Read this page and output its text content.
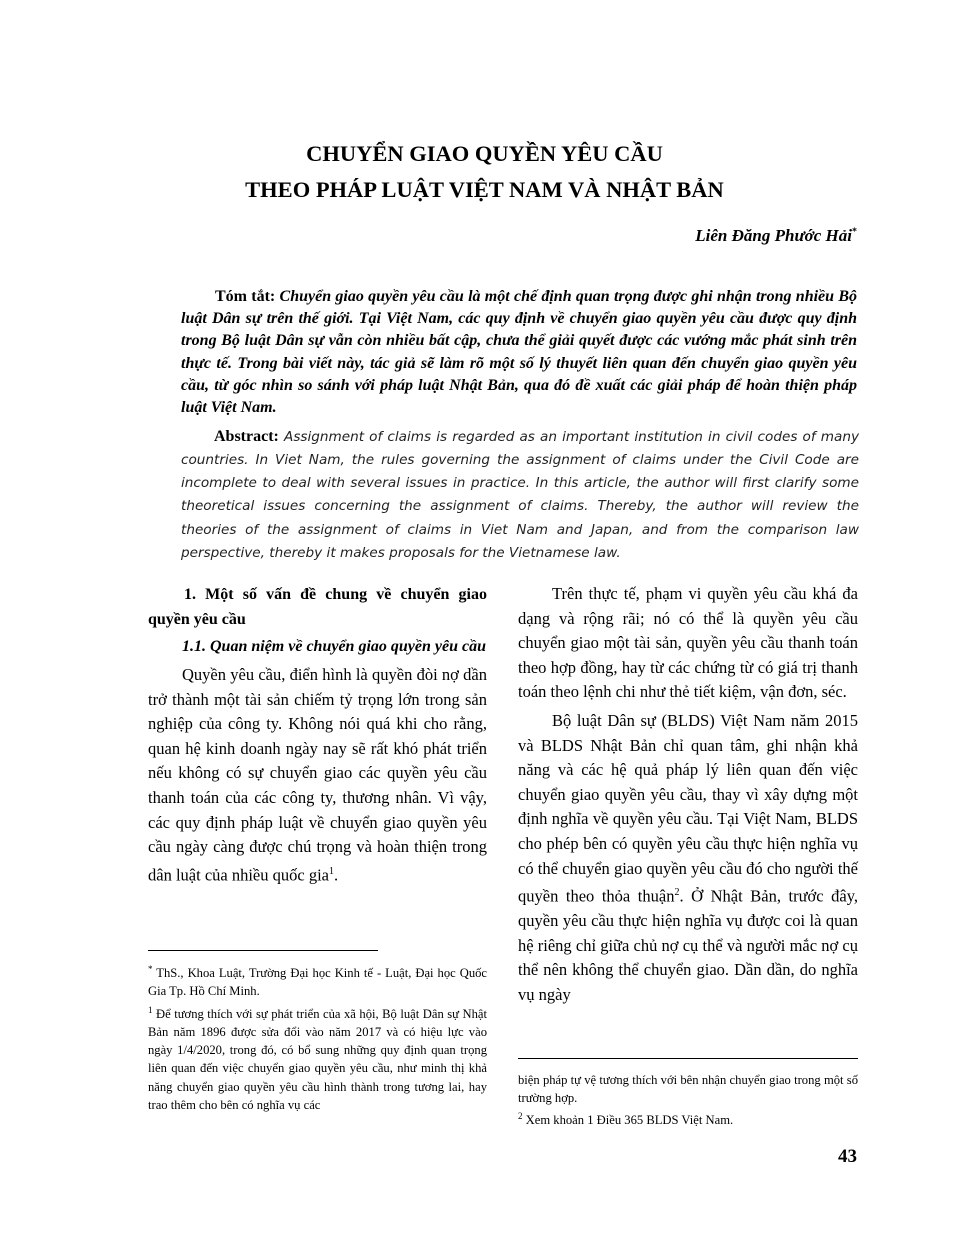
CHUYỂN GIAO QUYỀN YÊU CẦU
THEO PHÁP LUẬT VIỆT NAM VÀ NHẬT BẢN
Liên Đăng Phước Hải*

Tóm tắt: Chuyển giao quyền yêu cầu là một chế định quan trọng được ghi nhận trong nhiều Bộ luật Dân sự trên thế giới. Tại Việt Nam, các quy định về chuyển giao quyền yêu cầu được quy định trong Bộ luật Dân sự vẫn còn nhiều bất cập, chưa thể giải quyết được các vướng mắc phát sinh trên thực tế. Trong bài viết này, tác giả sẽ làm rõ một số lý thuyết liên quan đến chuyển giao quyền yêu cầu, từ góc nhìn so sánh với pháp luật Nhật Bản, qua đó đề xuất các giải pháp để hoàn thiện pháp luật Việt Nam.

Abstract: Assignment of claims is regarded as an important institution in civil codes of many countries. In Viet Nam, the rules governing the assignment of claims under the Civil Code are incomplete to deal with several issues in practice. In this article, the author will first clarify some theoretical issues concerning the assignment of claims. Thereby, the author will review the theories of the assignment of claims in Viet Nam and Japan, and from the comparison law perspective, thereby it makes proposals for the Vietnamese law.

1. Một số vấn đề chung về chuyển giao quyền yêu cầu

1.1. Quan niệm về chuyển giao quyền yêu cầu

Quyền yêu cầu, điển hình là quyền đòi nợ dần trở thành một tài sản chiếm tỷ trọng lớn trong sản nghiệp của công ty. Không nói quá khi cho rằng, quan hệ kinh doanh ngày nay sẽ rất khó phát triển nếu không có sự chuyển giao các quyền yêu cầu thanh toán của các công ty, thương nhân. Vì vậy, các quy định pháp luật về chuyển giao quyền yêu cầu ngày càng được chú trọng và hoàn thiện trong dân luật của nhiều quốc gia$^1$.

Trên thực tế, phạm vi quyền yêu cầu khá đa dạng và rộng rãi; nó có thể là quyền yêu cầu chuyển giao một tài sản, quyền yêu cầu thanh toán theo hợp đồng, hay từ các chứng từ có giá trị thanh toán theo lệnh chi như thẻ tiết kiệm, vận đơn, séc.

Bộ luật Dân sự (BLDS) Việt Nam năm 2015 và BLDS Nhật Bản chỉ quan tâm, ghi nhận khả năng và các hệ quả pháp lý liên quan đến việc chuyển giao quyền yêu cầu, thay vì xây dựng một định nghĩa về quyền yêu cầu. Tại Việt Nam, BLDS cho phép bên có quyền yêu cầu thực hiện nghĩa vụ có thể chuyển giao quyền yêu cầu đó cho người thế quyền theo thỏa thuận$^2$. Ở Nhật Bản, trước đây, quyền yêu cầu thực hiện nghĩa vụ được coi là quan hệ riêng chỉ giữa chủ nợ cụ thể và người mắc nợ cụ thể nên không thể chuyển giao. Dần dần, do nghĩa vụ ngày

* ThS., Khoa Luật, Trường Đại học Kinh tế - Luật, Đại học Quốc Gia Tp. Hồ Chí Minh.

$^1$ Để tương thích với sự phát triển của xã hội, Bộ luật Dân sự Nhật Bản năm 1896 được sửa đổi vào năm 2017 và có hiệu lực vào ngày 1/4/2020, trong đó, có bổ sung những quy định quan trọng liên quan đến việc chuyển giao quyền yêu cầu, như minh thị khả năng chuyển giao quyền yêu cầu hình thành trong tương lai, hay trao thêm cho bên có nghĩa vụ các

biện pháp tự vệ tương thích với bên nhận chuyển giao trong một số trường hợp.

$^2$ Xem khoản 1 Điều 365 BLDS Việt Nam.

43
